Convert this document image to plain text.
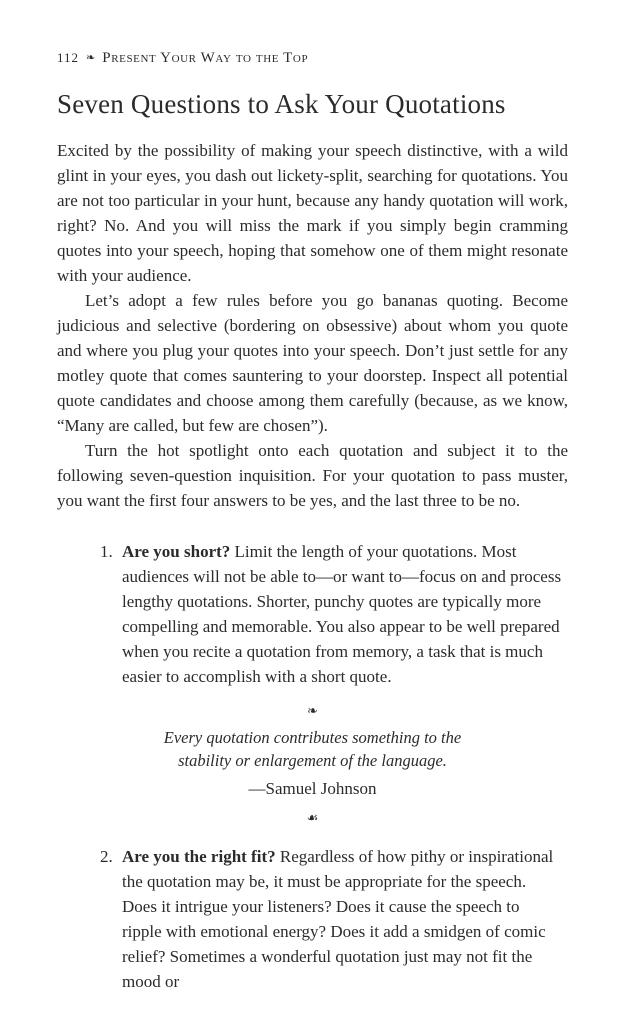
112 ❧ Present Your Way to the Top
Seven Questions to Ask Your Quotations

Excited by the possibility of making your speech distinctive, with a wild glint in your eyes, you dash out lickety-split, searching for quotations. You are not too particular in your hunt, because any handy quotation will work, right? No. And you will miss the mark if you simply begin cramming quotes into your speech, hoping that somehow one of them might resonate with your audience.

Let’s adopt a few rules before you go bananas quoting. Become judicious and selective (bordering on obsessive) about whom you quote and where you plug your quotes into your speech. Don’t just settle for any motley quote that comes sauntering to your doorstep. Inspect all potential quote candidates and choose among them carefully (because, as we know, “Many are called, but few are chosen”).

Turn the hot spotlight onto each quotation and subject it to the following seven-question inquisition. For your quotation to pass muster, you want the first four answers to be yes, and the last three to be no.

1. Are you short? Limit the length of your quotations. Most audiences will not be able to—or want to—focus on and process lengthy quotations. Shorter, punchy quotes are typically more compelling and memorable. You also appear to be well prepared when you recite a quotation from memory, a task that is much easier to accomplish with a short quote.
❧
Every quotation contributes something to the
stability or enlargement of the language.
—Samuel Johnson
☙
2. Are you the right fit? Regardless of how pithy or inspirational the quotation may be, it must be appropriate for the speech. Does it intrigue your listeners? Does it cause the speech to ripple with emotional energy? Does it add a smidgen of comic relief? Sometimes a wonderful quotation just may not fit the mood or
